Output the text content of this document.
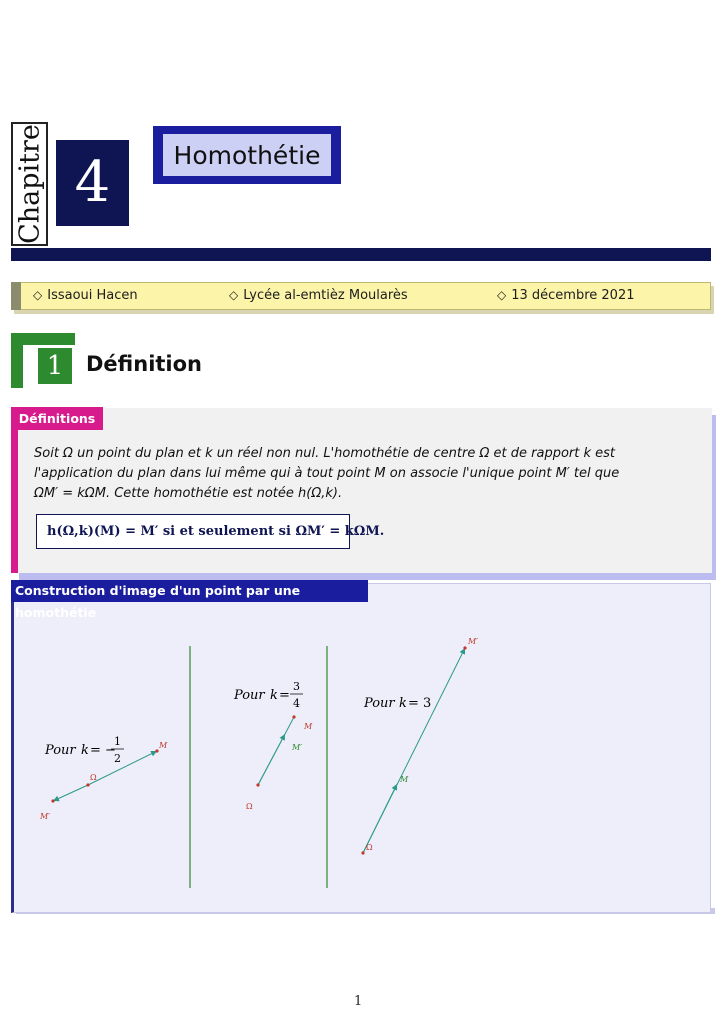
Chapitre 4	Homothétie
◇ Issaoui Hacen	◇ Lycée al-emtièz Moularès	◇ 13 décembre 2021
1	Définition
Définitions
Soit Ω un point du plan et k un réel non nul. L'homothétie de centre Ω et de rapport k est
l'application du plan dans lui même qui à tout point M on associe l'unique point M′ tel que
ΩM′ = kΩM. Cette homothétie est notée h(Ω,k).
h(Ω,k)(M) = M′ si et seulement si ΩM′ = kΩM.
Construction d'image d'un point par une homothétie
Pour k = −
1
2
M
M′
Ω
Pour k =
3
4
M
M′
Ω
Pour k = 3
M
M′
Ω
1
